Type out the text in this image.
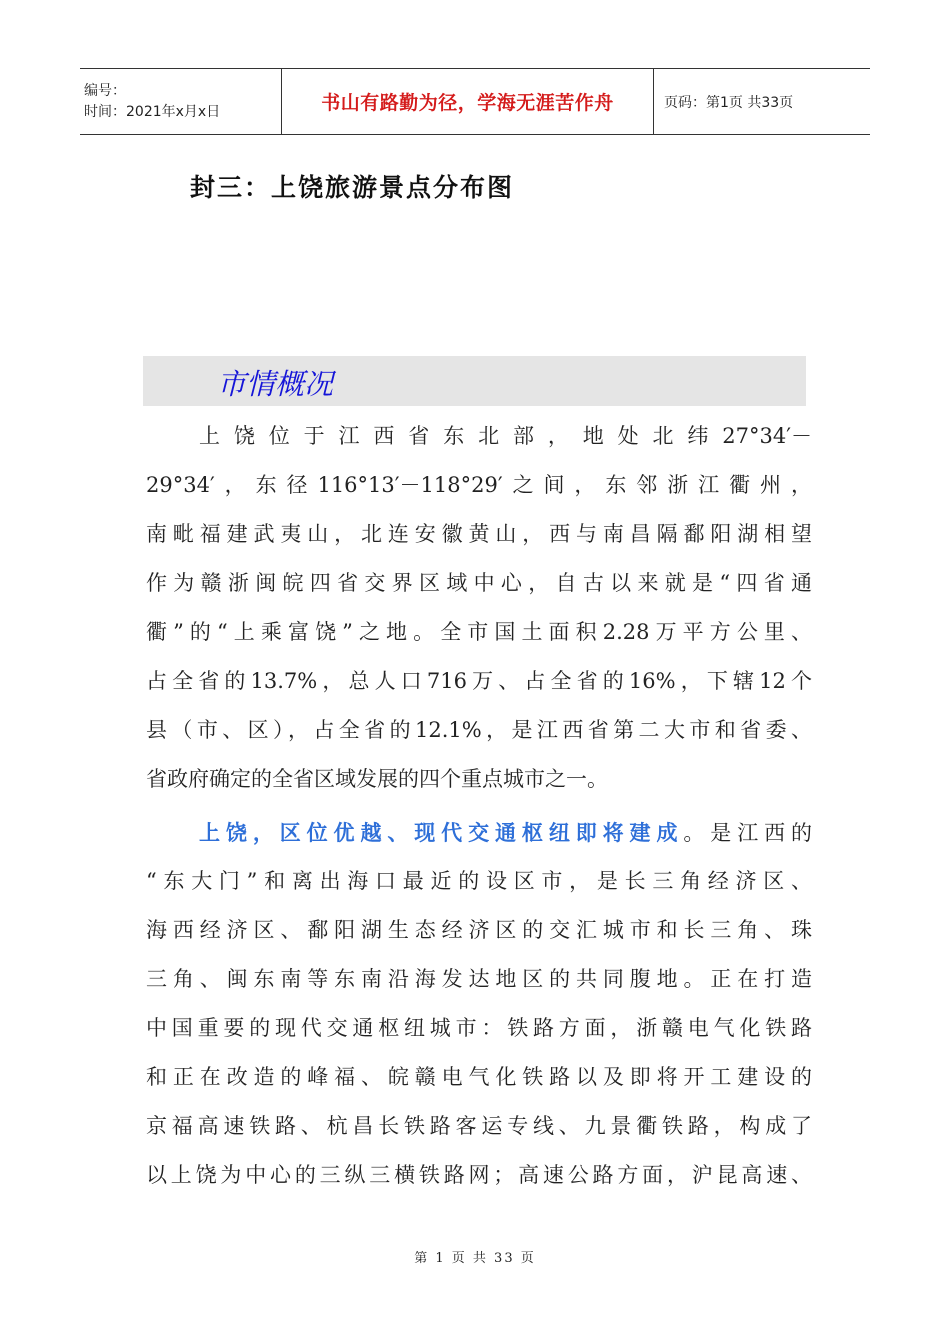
编号：
时间：2021年x月x日	书山有路勤为径，学海无涯苦作舟	页码：第1页 共33页
封三：上饶旅游景点分布图
市情概况
上饶位于江西省东北部，地处北纬27°34′－
29°34′，东径116°13′－118°29′之间，东邻浙江衢州，
南毗福建武夷山，北连安徽黄山，西与南昌隔鄱阳湖相望
作为赣浙闽皖四省交界区域中心，自古以来就是“四省通
衢”的“上乘富饶”之地。全市国土面积2.28万平方公里、
占全省的13.7%，总人口716万、占全省的16%，下辖12个
县（市、区），占全省的12.1%，是江西省第二大市和省委、
省政府确定的全省区域发展的四个重点城市之一。
上饶，区位优越、现代交通枢纽即将建成。是江西的
“东大门”和离出海口最近的设区市，是长三角经济区、
海西经济区、鄱阳湖生态经济区的交汇城市和长三角、珠
三角、闽东南等东南沿海发达地区的共同腹地。正在打造
中国重要的现代交通枢纽城市：铁路方面，浙赣电气化铁路
和正在改造的峰福、皖赣电气化铁路以及即将开工建设的
京福高速铁路、杭昌长铁路客运专线、九景衢铁路，构成了
以上饶为中心的三纵三横铁路网；高速公路方面，沪昆高速、
第 1 页 共 33 页
